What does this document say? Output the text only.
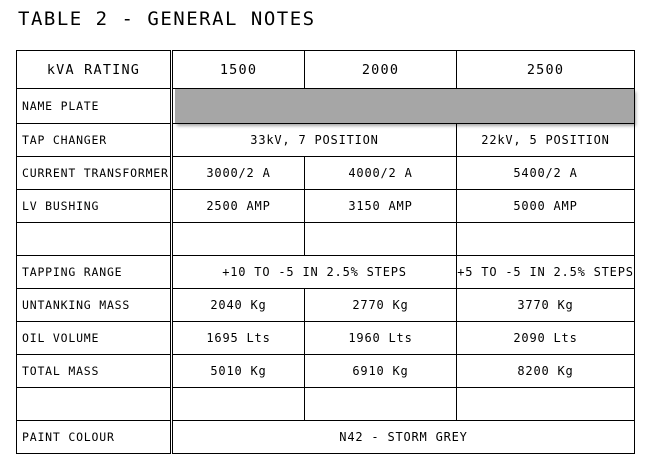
TABLE 2 - GENERAL NOTES
kVA RATING	1500	2000	2500
NAME PLATE			

TAP CHANGER	33kV, 7 POSITION		22kV, 5 POSITION
CURRENT TRANSFORMER	3000/2 A	4000/2 A	5400/2 A
LV BUSHING	2500 AMP	3150 AMP	5000 AMP

TAPPING RANGE	+10 TO -5 IN 2.5% STEPS		+5 TO -5 IN 2.5% STEPS
UNTANKING MASS	2040 Kg	2770 Kg	3770 Kg
OIL VOLUME	1695 Lts	1960 Lts	2090 Lts
TOTAL MASS	5010 Kg	6910 Kg	8200 Kg

PAINT COLOUR	N42 - STORM GREY		
